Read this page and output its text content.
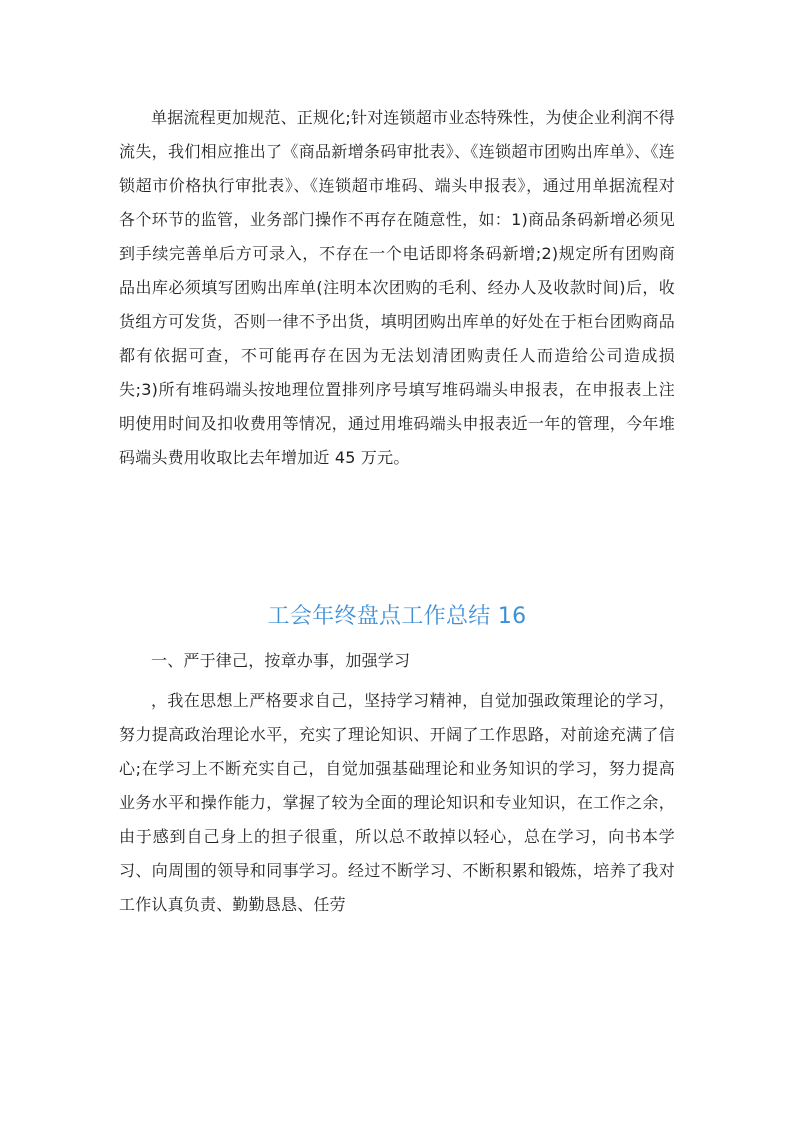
单据流程更加规范、正规化;针对连锁超市业态特殊性，为使企业利润不得流失，我们相应推出了《商品新增条码审批表》、《连锁超市团购出库单》、《连锁超市价格执行审批表》、《连锁超市堆码、端头申报表》，通过用单据流程对各个环节的监管，业务部门操作不再存在随意性，如：1)商品条码新增必须见到手续完善单后方可录入，不存在一个电话即将条码新增;2)规定所有团购商品出库必须填写团购出库单(注明本次团购的毛利、经办人及收款时间)后，收货组方可发货，否则一律不予出货，填明团购出库单的好处在于柜台团购商品都有依据可查，不可能再存在因为无法划清团购责任人而造给公司造成损失;3)所有堆码端头按地理位置排列序号填写堆码端头申报表，在申报表上注明使用时间及扣收费用等情况，通过用堆码端头申报表近一年的管理，今年堆码端头费用收取比去年增加近 45 万元。

工会年终盘点工作总结 16

一、严于律己，按章办事，加强学习

，我在思想上严格要求自己，坚持学习精神，自觉加强政策理论的学习，努力提高政治理论水平，充实了理论知识、开阔了工作思路，对前途充满了信心;在学习上不断充实自己，自觉加强基础理论和业务知识的学习，努力提高业务水平和操作能力，掌握了较为全面的理论知识和专业知识，在工作之余，由于感到自己身上的担子很重，所以总不敢掉以轻心，总在学习，向书本学习、向周围的领导和同事学习。经过不断学习、不断积累和锻炼，培养了我对工作认真负责、勤勤恳恳、任劳
